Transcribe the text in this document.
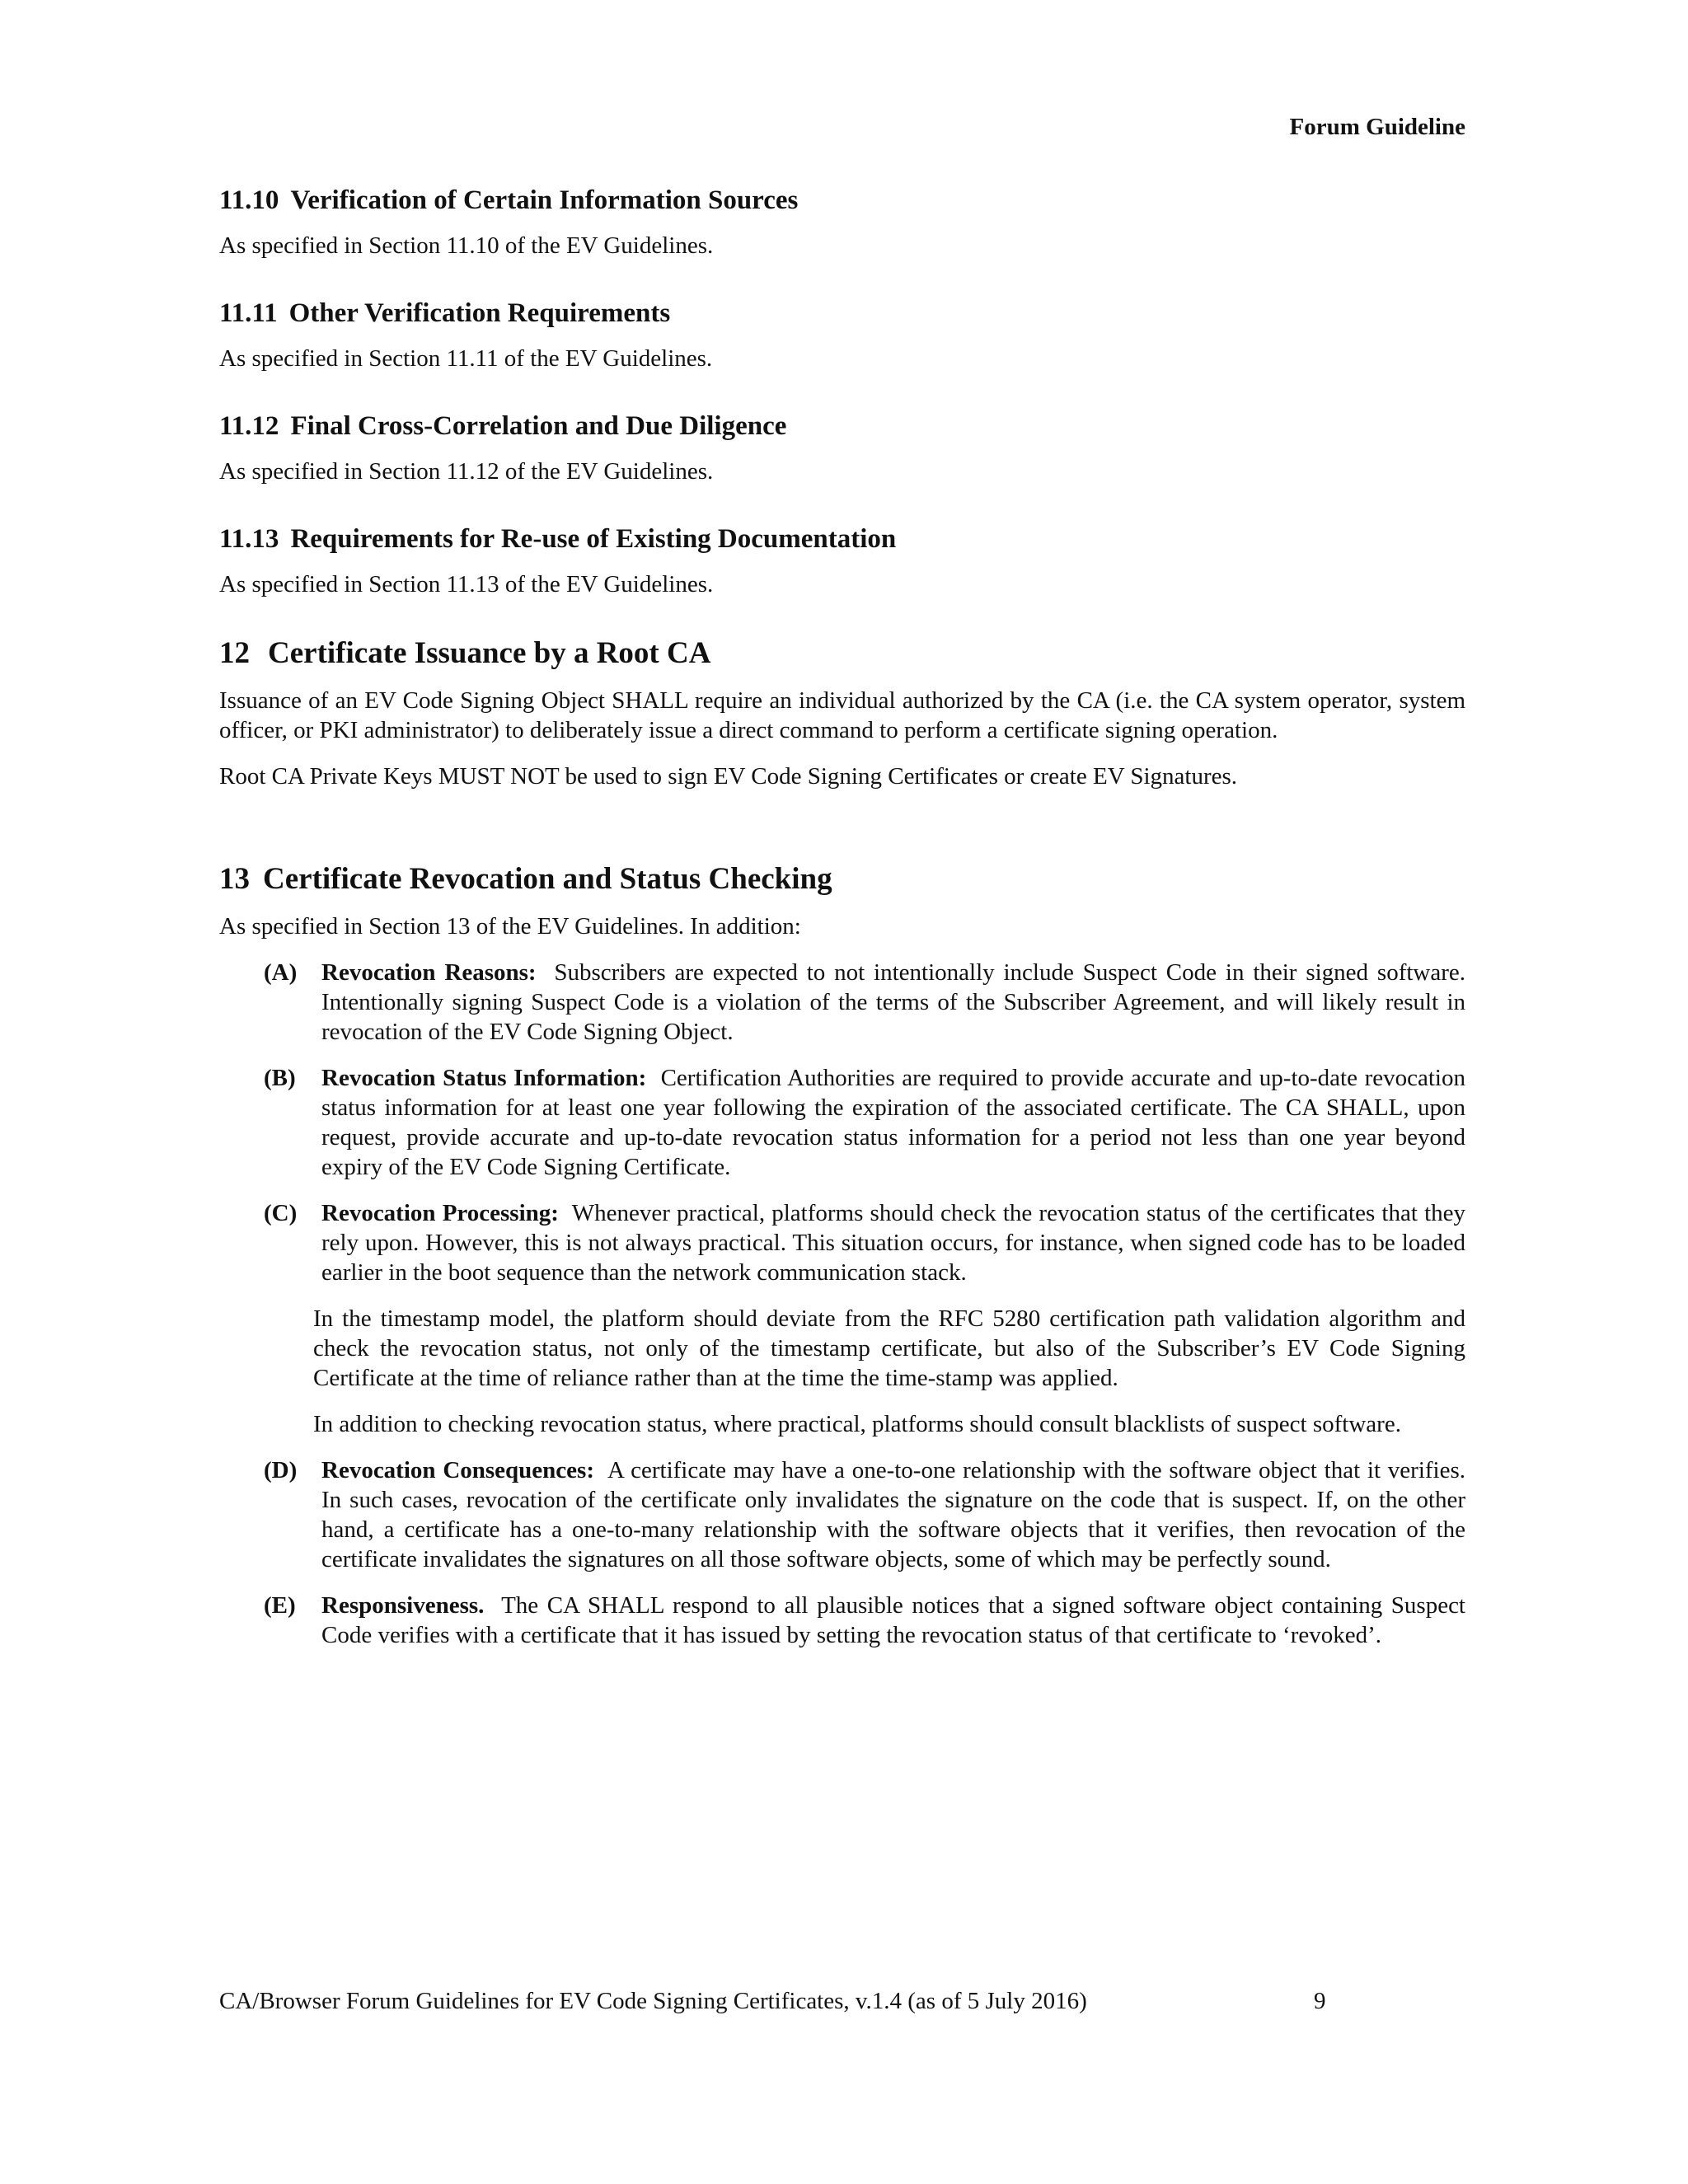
Forum Guideline
11.10 Verification of Certain Information Sources

As specified in Section 11.10 of the EV Guidelines.

11.11 Other Verification Requirements

As specified in Section 11.11 of the EV Guidelines.

11.12 Final Cross-Correlation and Due Diligence

As specified in Section 11.12 of the EV Guidelines.

11.13 Requirements for Re-use of Existing Documentation

As specified in Section 11.13 of the EV Guidelines.

12 Certificate Issuance by a Root CA

Issuance of an EV Code Signing Object SHALL require an individual authorized by the CA (i.e. the CA system operator, system officer, or PKI administrator) to deliberately issue a direct command to perform a certificate signing operation.

Root CA Private Keys MUST NOT be used to sign EV Code Signing Certificates or create EV Signatures.

13 Certificate Revocation and Status Checking

As specified in Section 13 of the EV Guidelines. In addition:

(A) Revocation Reasons: Subscribers are expected to not intentionally include Suspect Code in their signed software. Intentionally signing Suspect Code is a violation of the terms of the Subscriber Agreement, and will likely result in revocation of the EV Code Signing Object.

(B) Revocation Status Information: Certification Authorities are required to provide accurate and up-to-date revocation status information for at least one year following the expiration of the associated certificate. The CA SHALL, upon request, provide accurate and up-to-date revocation status information for a period not less than one year beyond expiry of the EV Code Signing Certificate.

(C) Revocation Processing: Whenever practical, platforms should check the revocation status of the certificates that they rely upon. However, this is not always practical. This situation occurs, for instance, when signed code has to be loaded earlier in the boot sequence than the network communication stack.

In the timestamp model, the platform should deviate from the RFC 5280 certification path validation algorithm and check the revocation status, not only of the timestamp certificate, but also of the Subscriber’s EV Code Signing Certificate at the time of reliance rather than at the time the time-stamp was applied.

In addition to checking revocation status, where practical, platforms should consult blacklists of suspect software.

(D) Revocation Consequences: A certificate may have a one-to-one relationship with the software object that it verifies. In such cases, revocation of the certificate only invalidates the signature on the code that is suspect. If, on the other hand, a certificate has a one-to-many relationship with the software objects that it verifies, then revocation of the certificate invalidates the signatures on all those software objects, some of which may be perfectly sound.

(E) Responsiveness. The CA SHALL respond to all plausible notices that a signed software object containing Suspect Code verifies with a certificate that it has issued by setting the revocation status of that certificate to ‘revoked’.

CA/Browser Forum Guidelines for EV Code Signing Certificates, v.1.4 (as of 5 July 2016)	9
